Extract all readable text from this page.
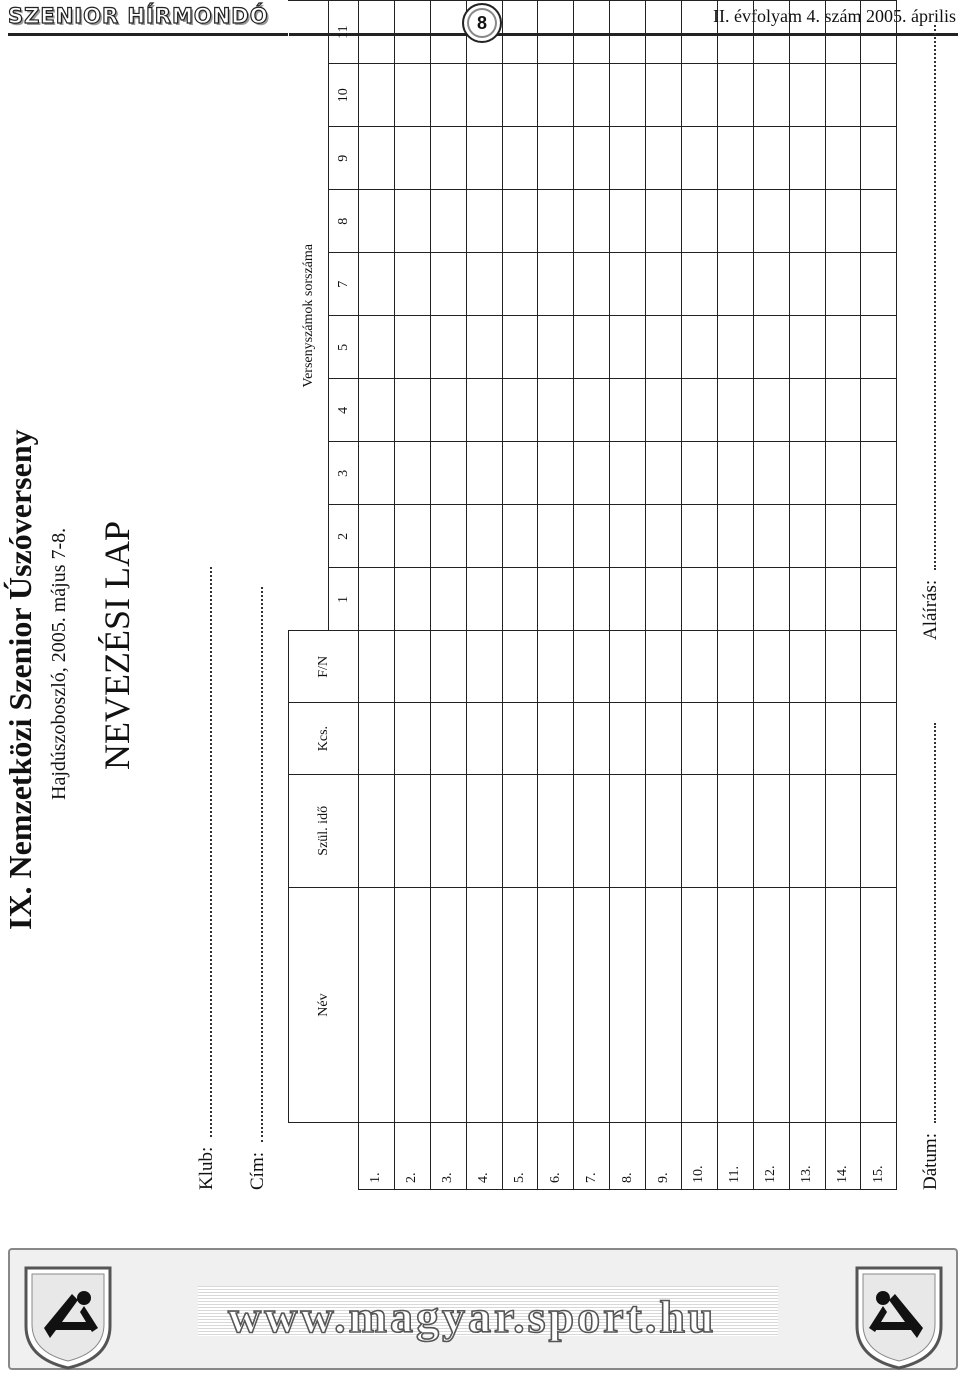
SZENIOR HÍRMONDÓ	8	II. évfolyam 4. szám 2005. április
IX. Nemzetközi Szenior Úszóverseny Hajdúszoboszló, 2005. május 7-8. NEVEZÉSI LAP
Klub: Cím:
	Név	Szül. idő	Kcs.	F/N	Versenyszámok sorszáma									
					1	2	3	4	5	7	8	9	10	11
1.														
2.														
3.														
4.														
5.														
6.														
7.														
8.														
9.														
10.														
11.														
12.														
13.														
14.														
15.														Dátum:
Aláírás:
www.magyar.sport.hu
